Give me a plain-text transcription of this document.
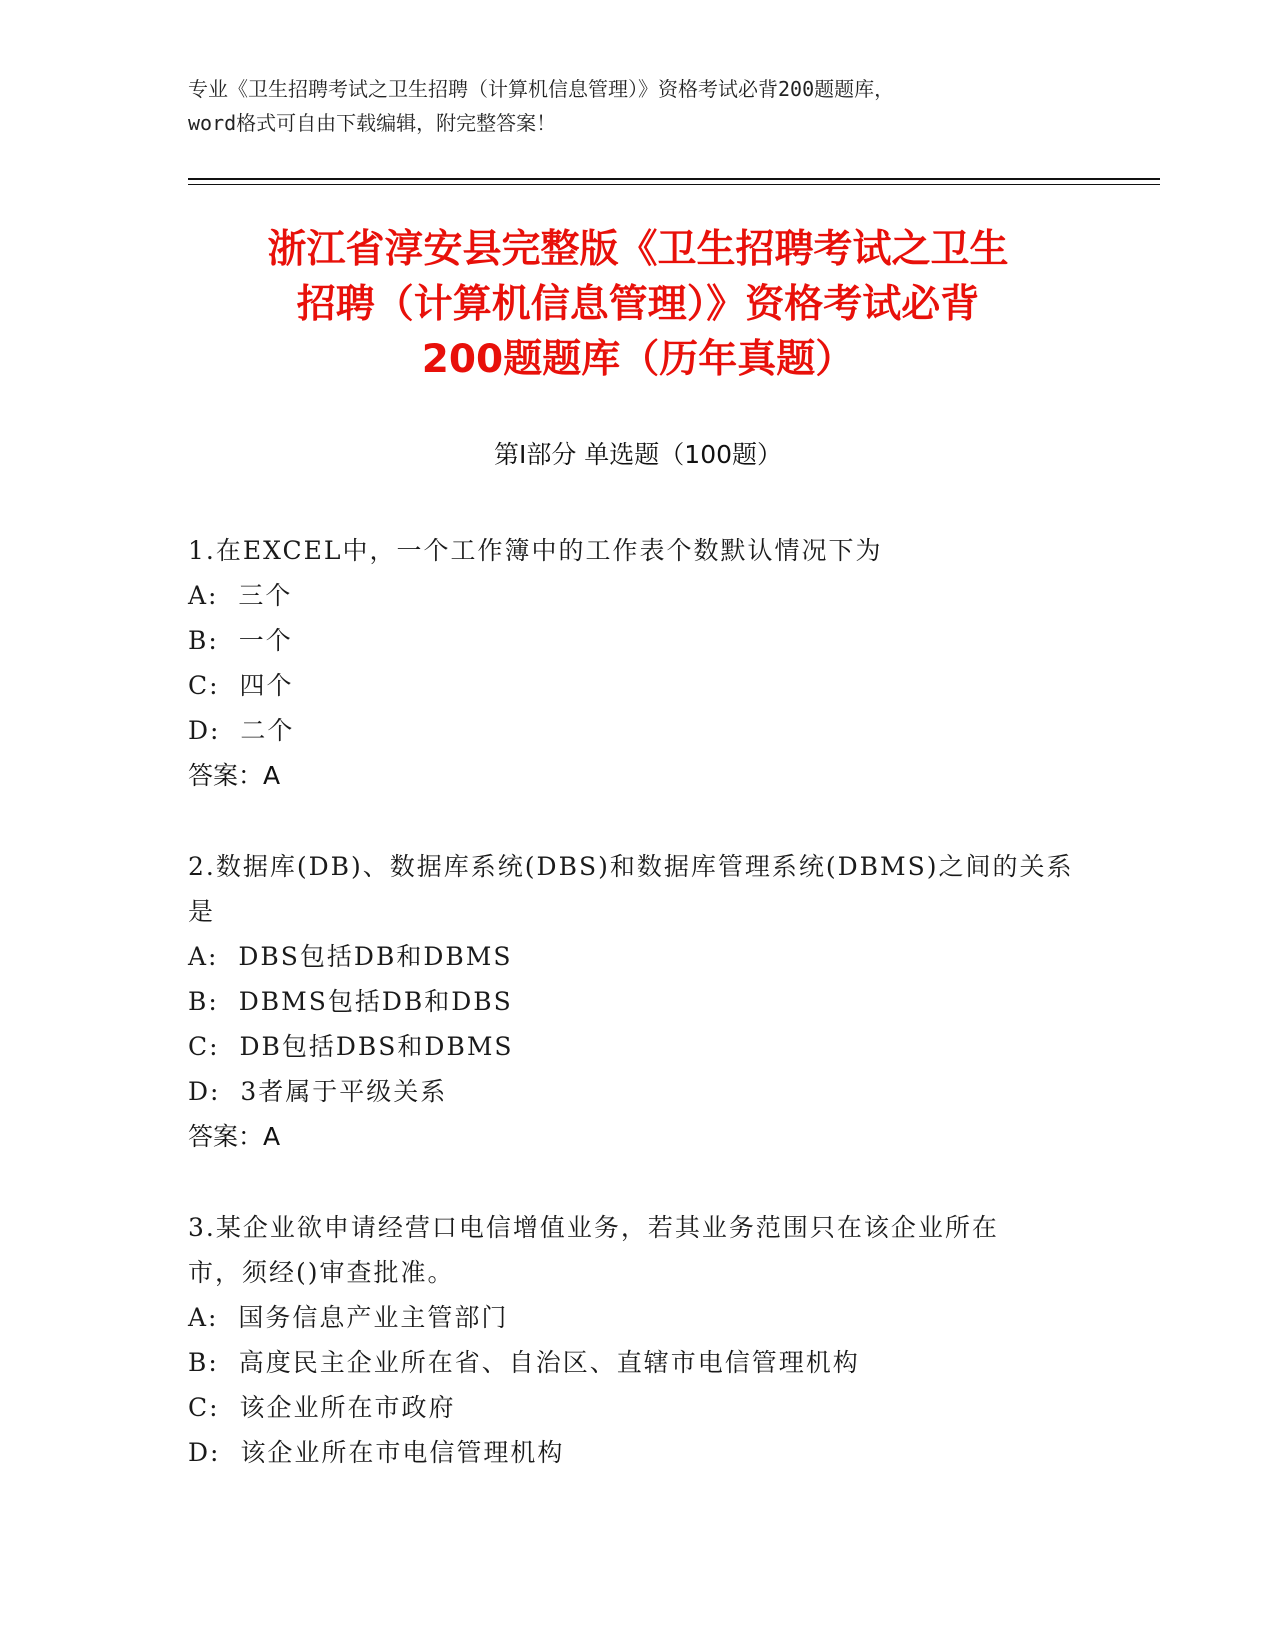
专业《卫生招聘考试之卫生招聘（计算机信息管理）》资格考试必背200题题库，
word格式可自由下载编辑，附完整答案！
浙江省淳安县完整版《卫生招聘考试之卫生
招聘（计算机信息管理）》资格考试必背
200题题库（历年真题）
第Ⅰ部分 单选题（100题）
1.在EXCEL中，一个工作簿中的工作表个数默认情况下为
A:  三个
B:  一个
C:  四个
D:  二个
答案：A
2.数据库(DB)、数据库系统(DBS)和数据库管理系统(DBMS)之间的关系
是
A:  DBS包括DB和DBMS
B:  DBMS包括DB和DBS
C:  DB包括DBS和DBMS
D:  3者属于平级关系
答案：A
3.某企业欲申请经营口电信增值业务，若其业务范围只在该企业所在
市，须经()审查批准。
A:  国务信息产业主管部门
B:  高度民主企业所在省、自治区、直辖市电信管理机构
C:  该企业所在市政府
D:  该企业所在市电信管理机构
